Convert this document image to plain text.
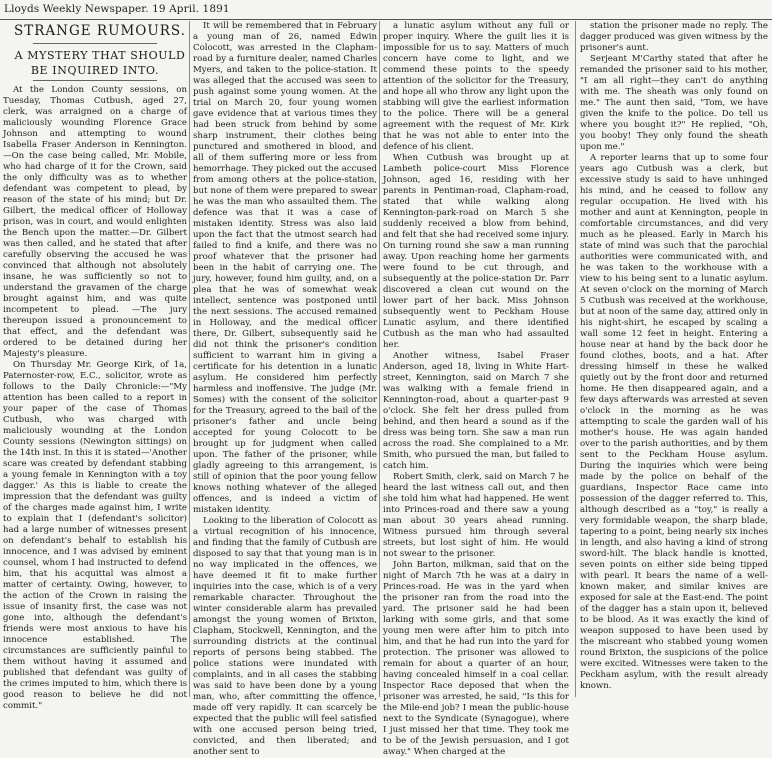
Lloyds Weekly Newspaper. 19 April. 1891

STRANGE RUMOURS.

A MYSTERY THAT SHOULD
BE INQUIRED INTO.

At the London County sessions, on Tuesday, Thomas Cutbush, aged 27, clerk, was arraigned on a charge of maliciously wounding Florence Grace Johnson and attempting to wound Isabella Fraser Anderson in Kennington. —On the case being called, Mr. Mobile, who had charge of it for the Crown, said the only difficulty was as to whether defendant was competent to plead, by reason of the state of his mind; but Dr. Gilbert, the medical officer of Holloway prison, was in court, and would enlighten the Bench upon the matter.—Dr. Gilbert was then called, and he stated that after carefully observing the accused he was convinced that although not absolutely insane, he was sufficiently so not to understand the gravamen of the charge brought against him, and was quite incompetent to plead. —The jury thereupon issued a pronouncement to that effect, and the defendant was ordered to be detained during her Majesty's pleasure.

On Thursday Mr. George Kirk, of 1a, Paternoster-row, E.C., solicitor, wrote as follows to the Daily Chronicle:—"My attention has been called to a report in your paper of the case of Thomas Cutbush, who was charged with maliciously wounding at the London County sessions (Newington sittings) on the 14th inst. In this it is stated—'Another scare was created by defendant stabbing a young female in Kennington with a toy dagger.' As this is liable to create the impression that the defendant was guilty of the charges made against him, I write to explain that I (defendant's solicitor) had a large number of witnesses present on defendant's behalf to establish his innocence, and I was advised by eminent counsel, whom I had instructed to defend him, that his acquittal was almost a matter of certainty. Owing, however, to the action of the Crown in raising the issue of insanity first, the case was not gone into, although the defendant's friends were most anxious to have his innocence established. The circumstances are sufficiently painful to them without having it assumed and published that defendant was guilty of the crimes imputed to him, which there is good reason to believe he did not commit."

It will be remembered that in February a young man of 26, named Edwin Colocott, was arrested in the Clapham-road by a furniture dealer, named Charles Myers, and taken to the police-station. It was alleged that the accused was seen to push against some young women. At the trial on March 20, four young women gave evidence that at various times they had been struck from behind by some sharp instrument, their clothes being punctured and smothered in blood, and all of them suffering more or less from hemorrhage. They picked out the accused from among others at the police-station, but none of them were prepared to swear he was the man who assaulted them. The defence was that it was a case of mistaken identity. Stress was also laid upon the fact that the utmost search had failed to find a knife, and there was no proof whatever that the prisoner had been in the habit of carrying one. The jury, however, found him guilty, and, on a plea that he was of somewhat weak intellect, sentence was postponed until the next sessions. The accused remained in Holloway, and the medical officer there, Dr. Gilbert, subsequently said he did not think the prisoner's condition sufficient to warrant him in giving a certificate for his detention in a lunatic asylum. He considered him perfectly harmless and inoffensive. The judge (Mr. Somes) with the consent of the solicitor for the Treasury, agreed to the bail of the prisoner's father and uncle being accepted for young Colocott to be brought up for judgment when called upon. The father of the prisoner, while gladly agreeing to this arrangement, is still of opinion that the poor young fellow knows nothing whatever of the alleged offences, and is indeed a victim of mistaken identity.

Looking to the liberation of Colocott as a virtual recognition of his innocence, and finding that the family of Cutbush are disposed to say that that young man is in no way implicated in the offences, we have deemed it fit to make further inquiries into the case, which is of a very remarkable character. Throughout the winter considerable alarm has prevailed amongst the young women of Brixton, Clapham, Stockwell, Kennington, and the surrounding districts at the continual reports of persons being stabbed. The police stations were inundated with complaints, and in all cases the stabbing was said to have been done by a young man, who, after committing the offence, made off very rapidly. It can scarcely be expected that the public will feel satisfied with one accused person being tried, convicted, and then liberated; and another sent to

a lunatic asylum without any full or proper inquiry. Where the guilt lies it is impossible for us to say. Matters of much concern have come to light, and we commend these points to the speedy attention of the solicitor for the Treasury, and hope all who throw any light upon the stabbing will give the earliest information to the police. There will be a general agreement with the request of Mr. Kirk that he was not able to enter into the defence of his client.

When Cutbush was brought up at Lambeth police-court Miss Florence Johnson, aged 16, residing with her parents in Pentiman-road, Clapham-road, stated that while walking along Kennington-park-road on March 5 she suddenly received a blow from behind, and felt that she had received some injury. On turning round she saw a man running away. Upon reaching home her garments were found to be cut through, and subsequently at the police-station Dr. Parr discovered a clean cut wound on the lower part of her back. Miss Johnson subsequently went to Peckham House Lunatic asylum, and there identified Cutbush as the man who had assaulted her.

Another witness, Isabel Fraser Anderson, aged 18, living in White Hart-street, Kennington, said on March 7 she was walking with a female friend in Kennington-road, about a quarter-past 9 o'clock. She felt her dress pulled from behind, and then heard a sound as if the dress was being torn. She saw a man run across the road. She complained to a Mr. Smith, who pursued the man, but failed to catch him.

Robert Smith, clerk, said on March 7 he heard the last witness call out, and then she told him what had happened. He went into Princes-road and there saw a young man about 30 years ahead running. Witness pursued him through several streets, but lost sight of him. He would not swear to the prisoner.

John Barton, milkman, said that on the night of March 7th he was at a dairy in Princes-road. He was in the yard when the prisoner ran from the road into the yard. The prisoner said he had been larking with some girls, and that some young men were after him to pitch into him, and that he had run into the yard for protection. The prisoner was allowed to remain for about a quarter of an hour, having concealed himself in a coal cellar. Inspector Race deposed that when the prisoner was arrested, he said, "Is this for the Mile-end job? I mean the public-house next to the Syndicate (Synagogue), where I just missed her that time. They took me to be of the Jewish persuasion, and I got away." When charged at the

station the prisoner made no reply. The dagger produced was given witness by the prisoner's aunt.

Serjeant M'Carthy stated that after he remanded the prisoner said to his mother, "I am all right—they can't do anything with me. The sheath was only found on me." The aunt then said, "Tom, we have given the knife to the police. Do tell us where you bought it?" He replied, "Oh, you booby! They only found the sheath upon me."

A reporter learns that up to some four years ago Cutbush was a clerk, but excessive study is said to have unhinged his mind, and he ceased to follow any regular occupation. He lived with his mother and aunt at Kennington, people in comfortable circumstances, and did very much as he pleased. Early in March his state of mind was such that the parochial authorities were communicated with, and he was taken to the workhouse with a view to his being sent to a lunatic asylum. At seven o'clock on the morning of March 5 Cutbush was received at the workhouse, but at noon of the same day, attired only in his night-shirt, he escaped by scaling a wall some 12 feet in height. Entering a house near at hand by the back door he found clothes, boots, and a hat. After dressing himself in these he walked quietly out by the front door and returned home. He then disappeared again, and a few days afterwards was arrested at seven o'clock in the morning as he was attempting to scale the garden wall of his mother's house. He was again handed over to the parish authorities, and by them sent to the Peckham House asylum. During the inquiries which were being made by the police on behalf of the guardians, Inspector Race came into possession of the dagger referred to. This, although described as a "toy," is really a very formidable weapon, the sharp blade, tapering to a point, being nearly six inches in length, and also having a kind of strong sword-hilt. The black handle is knotted, seven points on either side being tipped with pearl. It bears the name of a well-known maker, and similar knives are exposed for sale at the East-end. The point of the dagger has a stain upon it, believed to be blood. As it was exactly the kind of weapon supposed to have been used by the miscreant who stabbed young women round Brixton, the suspicions of the police were excited. Witnesses were taken to the Peckham asylum, with the result already known.
